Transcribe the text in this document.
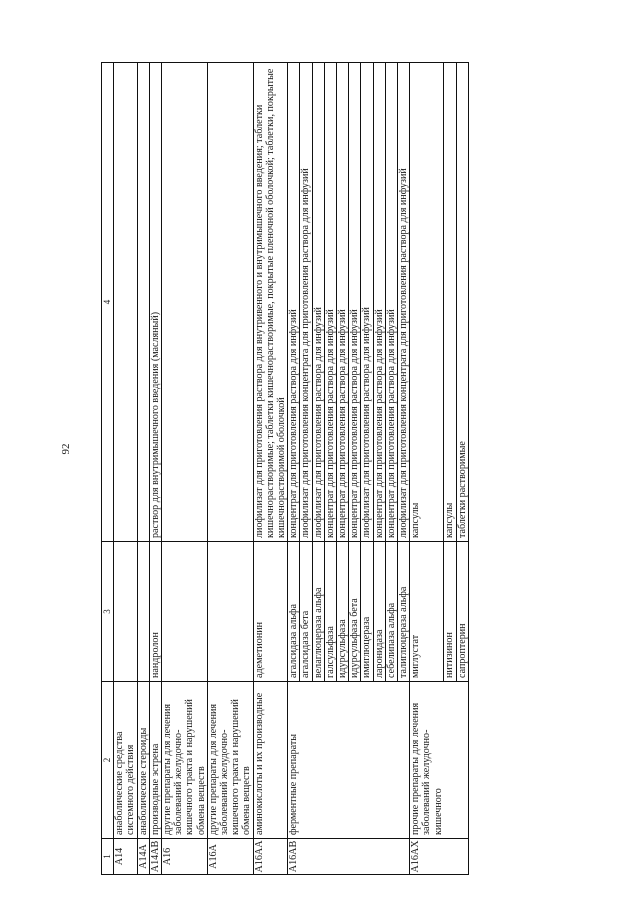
92
1	2	3	4
А14	анаболические средства системного действия		
А14А	анаболические стероиды		
А14АВ	производные эстрена	нандролон	раствор для внутримышечного введения (масляный)
А16	другие препараты для лечения заболеваний желудочно-кишечного тракта и нарушений обмена веществ		
А16А	другие препараты для лечения заболеваний желудочно-кишечного тракта и нарушений обмена веществ		
А16АА	аминокислоты и их производные	адеметионин	лиофилизат для приготовления раствора для внутривенного и внутримышечного введения; таблетки кишечнорастворимые; таблетки кишечнорастворимые, покрытые пленочной оболочкой; таблетки, покрытые кишечнорастворимой оболочкой
А16АВ	ферментные препараты	агалсидаза альфа	концентрат для приготовления раствора для инфузий
		агалсидаза бета	лиофилизат для приготовления концентрата для приготовления раствора для инфузий
		велаглюцераза альфа	лиофилизат для приготовления раствора для инфузий
		галсульфаза	концентрат для приготовления раствора для инфузий
		идурсульфаза	концентрат для приготовления раствора для инфузий
		идурсульфаза бета	концентрат для приготовления раствора для инфузий
		имиглюцераза	лиофилизат для приготовления раствора для инфузий
		ларонидаза	концентрат для приготовления раствора для инфузий
		себелипаза альфа	концентрат для приготовления раствора для инфузий
		талиглюцераза альфа	лиофилизат для приготовления концентрата для приготовления раствора для инфузий
А16АХ	прочие препараты для лечения заболеваний желудочно-кишечного	миглустат	капсулы
		нитизинон	капсулы
		сапроптерин	таблетки растворимые
